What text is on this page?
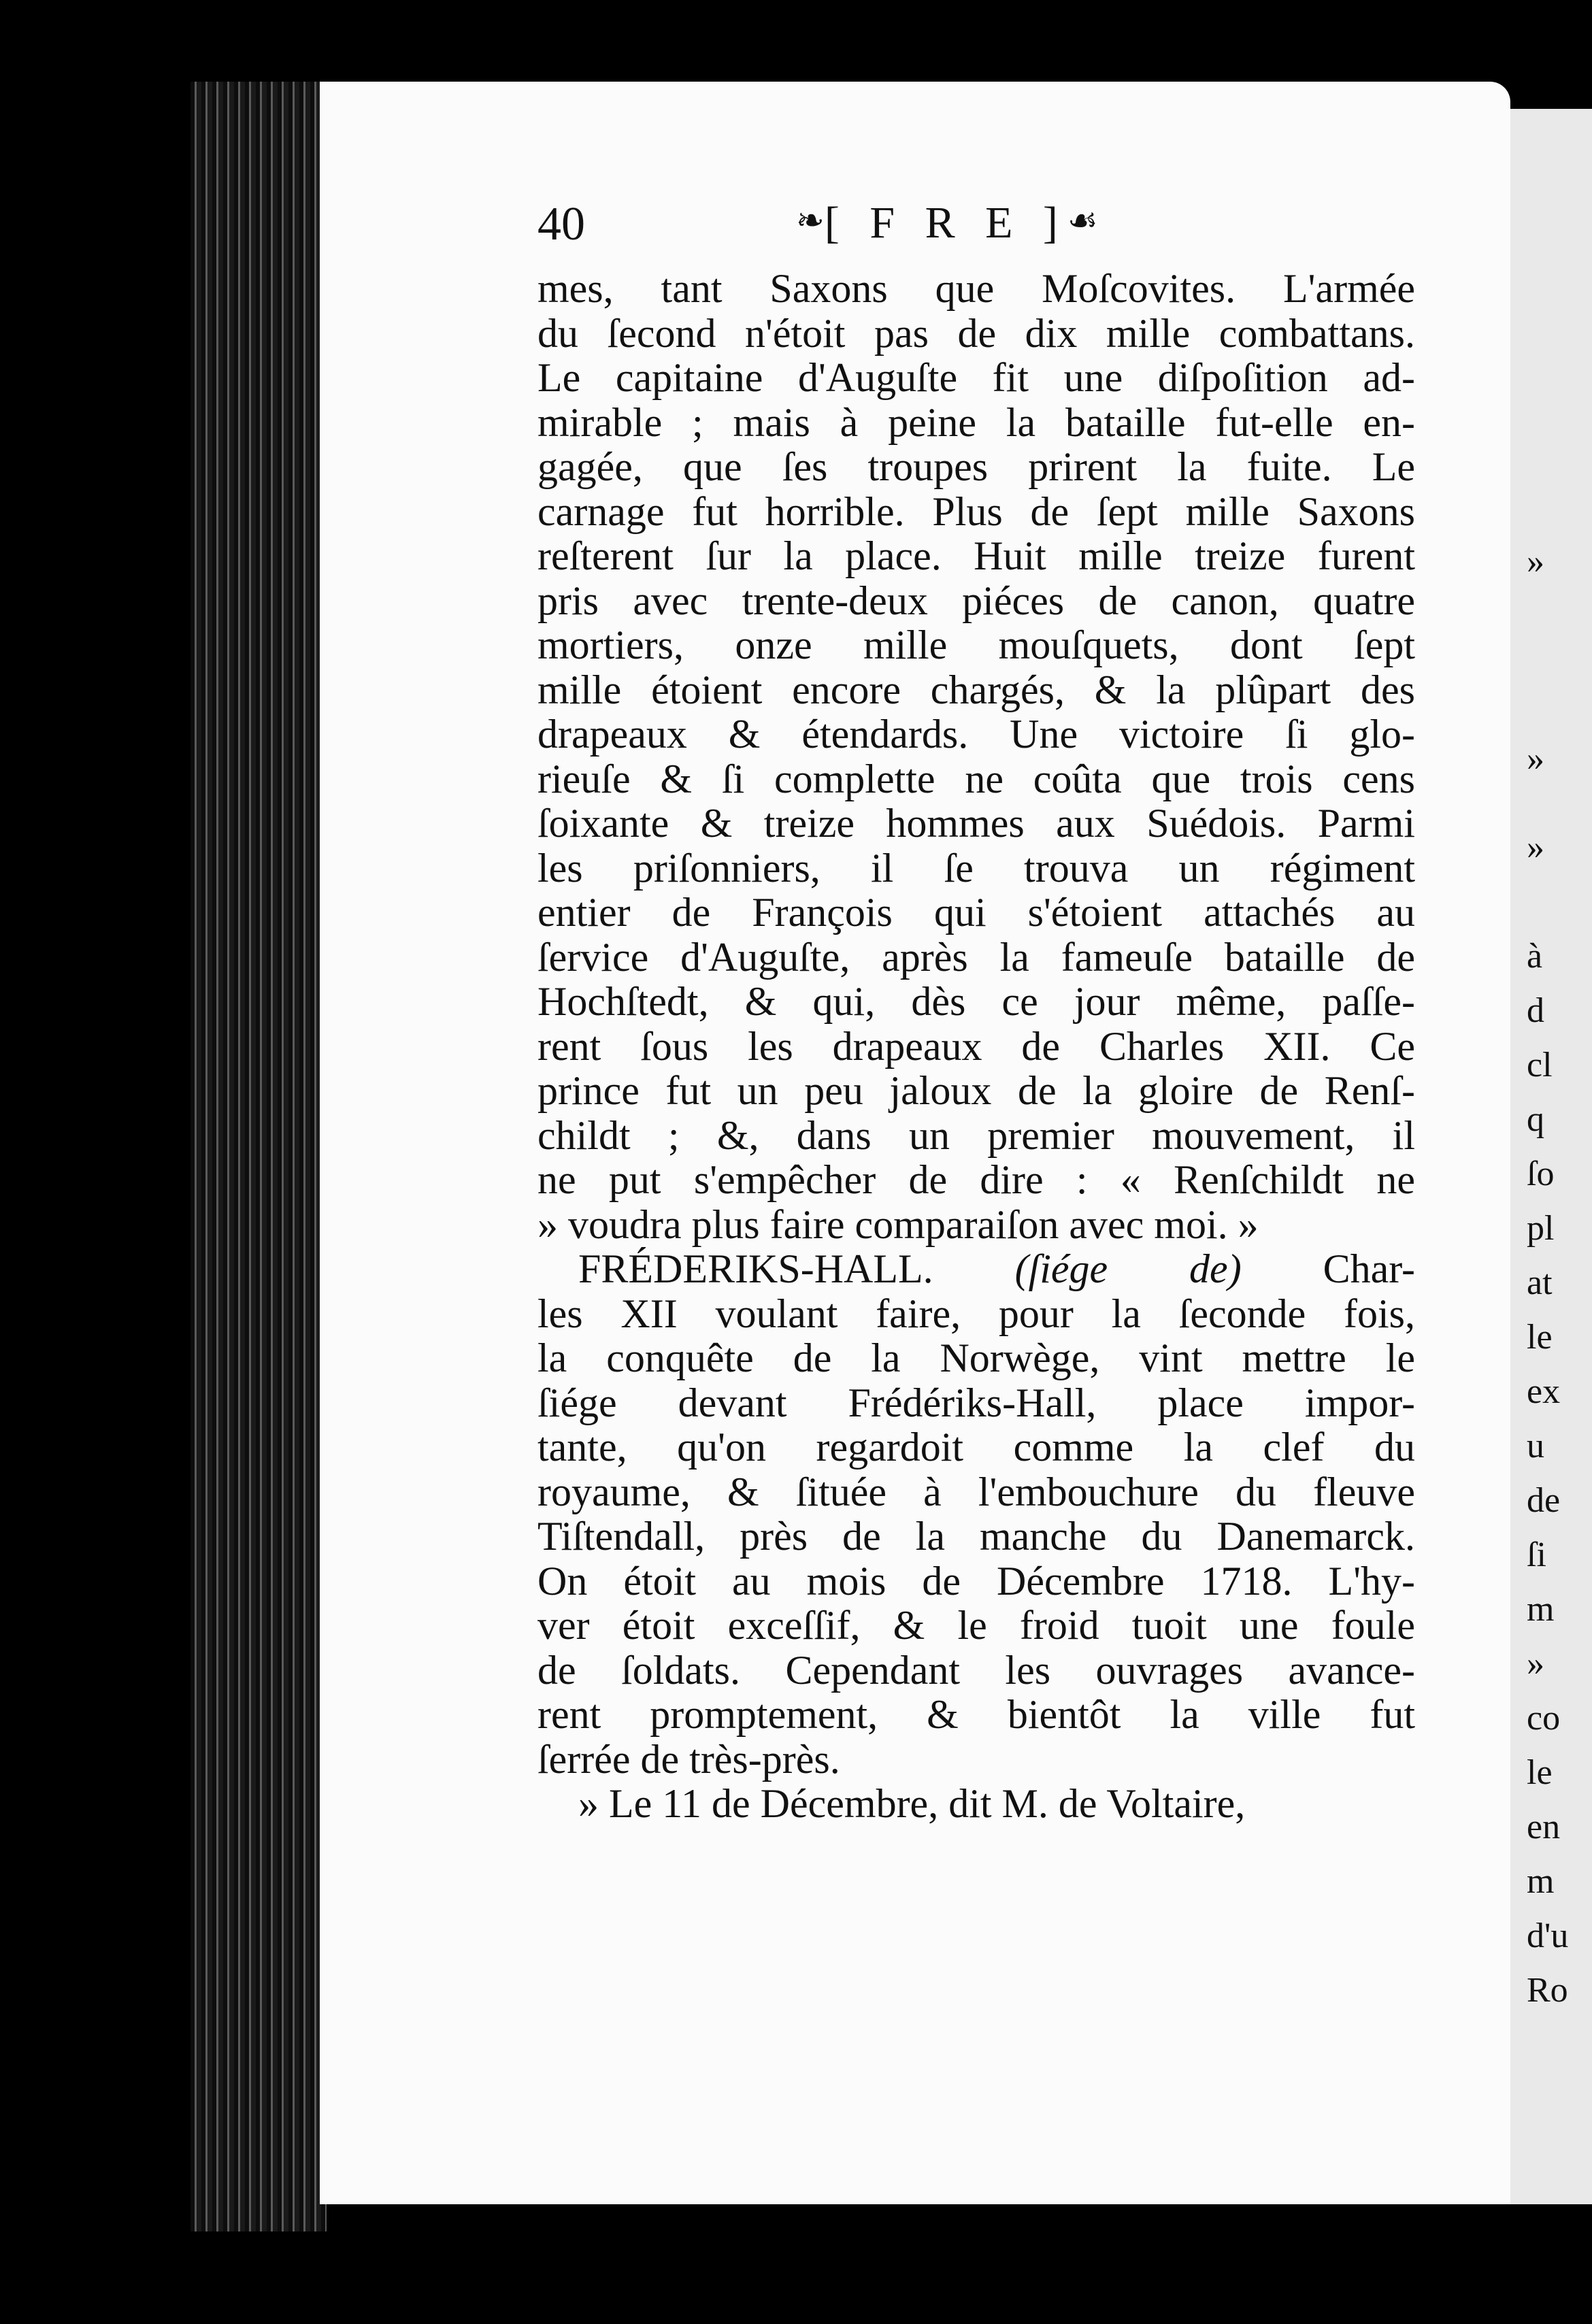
»
»
»
à
d
cl
q
ſo
pl
at
le
ex
u
de
ſi
m
»
co
le
en
m
d'u
Ro
40	❧[ F R E ]☙
mes, tant Saxons que Moſcovites. L'armée
du ſecond n'étoit pas de dix mille combattans.
Le capitaine d'Auguſte fit une diſpoſition ad-
mirable ; mais à peine la bataille fut-elle en-
gagée, que ſes troupes prirent la fuite. Le
carnage fut horrible. Plus de ſept mille Saxons
reſterent ſur la place. Huit mille treize furent
pris avec trente-deux piéces de canon, quatre
mortiers, onze mille mouſquets, dont ſept
mille étoient encore chargés, & la plûpart des
drapeaux & étendards. Une victoire ſi glo-
rieuſe & ſi complette ne coûta que trois cens
ſoixante & treize hommes aux Suédois. Parmi
les priſonniers, il ſe trouva un régiment
entier de François qui s'étoient attachés au
ſervice d'Auguſte, après la fameuſe bataille de
Hochſtedt, & qui, dès ce jour même, paſſe-
rent ſous les drapeaux de Charles XII. Ce
prince fut un peu jaloux de la gloire de Renſ-
childt ; &, dans un premier mouvement, il
ne put s'empêcher de dire : « Renſchildt ne
» voudra plus faire comparaiſon avec moi. »
FRÉDERIKS-HALL. (ſiége de) Char-
les XII voulant faire, pour la ſeconde fois,
la conquête de la Norwège, vint mettre le
ſiége devant Frédériks-Hall, place impor-
tante, qu'on regardoit comme la clef du
royaume, & ſituée à l'embouchure du fleuve
Tiſtendall, près de la manche du Danemarck.
On étoit au mois de Décembre 1718. L'hy-
ver étoit exceſſif, & le froid tuoit une foule
de ſoldats. Cependant les ouvrages avance-
rent promptement, & bientôt la ville fut
ſerrée de très-près.
» Le 11 de Décembre, dit M. de Voltaire,
